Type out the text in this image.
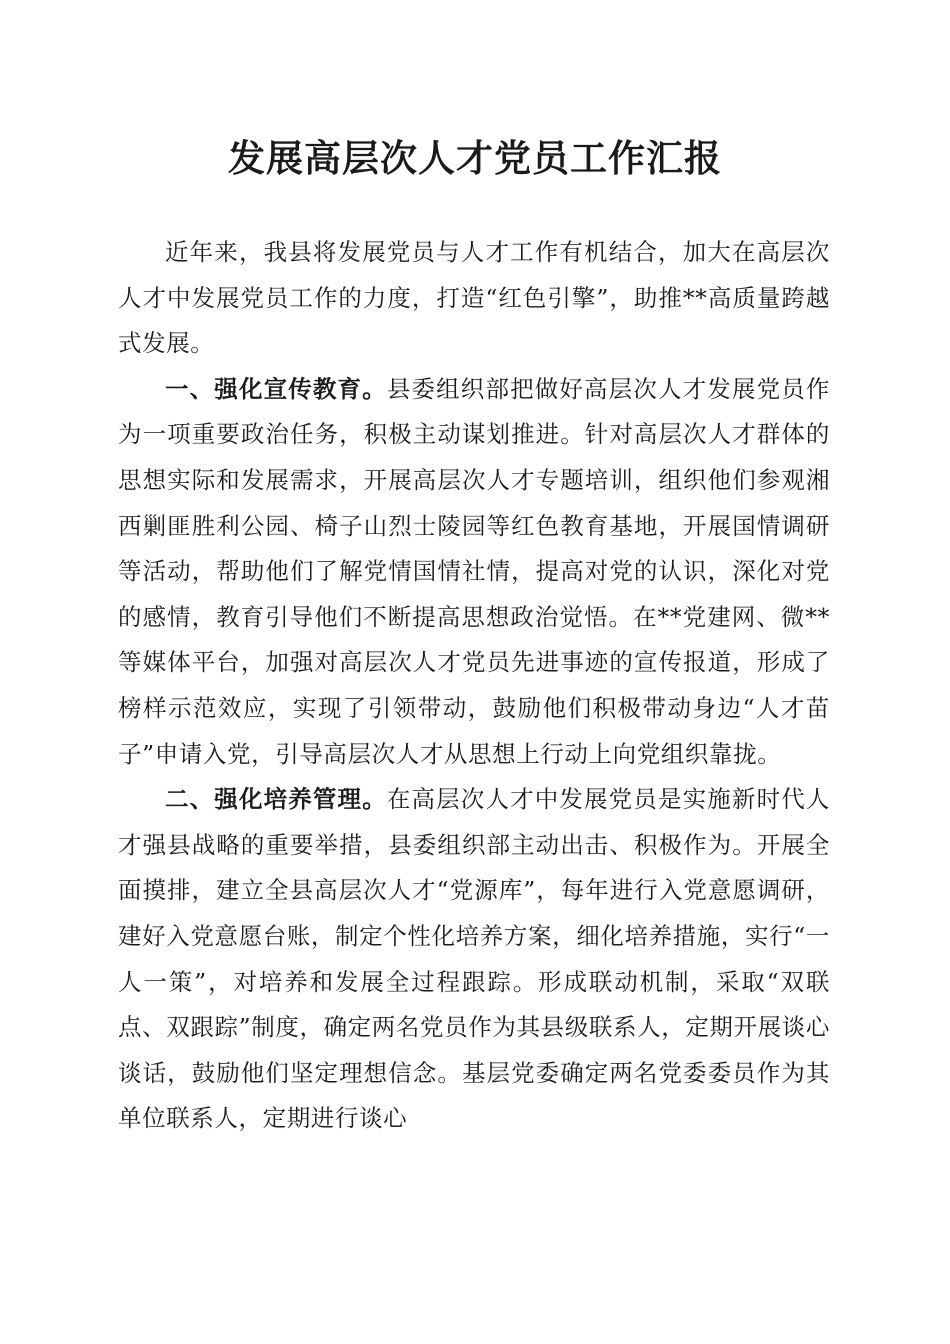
发展高层次人才党员工作汇报

近年来，我县将发展党员与人才工作有机结合，加大在高层次人才中发展党员工作的力度，打造“红色引擎”，助推**高质量跨越式发展。

一、强化宣传教育。县委组织部把做好高层次人才发展党员作为一项重要政治任务，积极主动谋划推进。针对高层次人才群体的思想实际和发展需求，开展高层次人才专题培训，组织他们参观湘西剿匪胜利公园、椅子山烈士陵园等红色教育基地，开展国情调研等活动，帮助他们了解党情国情社情，提高对党的认识，深化对党的感情，教育引导他们不断提高思想政治觉悟。在**党建网、微**等媒体平台，加强对高层次人才党员先进事迹的宣传报道，形成了榜样示范效应，实现了引领带动，鼓励他们积极带动身边“人才苗子”申请入党，引导高层次人才从思想上行动上向党组织靠拢。

二、强化培养管理。在高层次人才中发展党员是实施新时代人才强县战略的重要举措，县委组织部主动出击、积极作为。开展全面摸排，建立全县高层次人才“党源库”，每年进行入党意愿调研，建好入党意愿台账，制定个性化培养方案，细化培养措施，实行“一人一策”，对培养和发展全过程跟踪。形成联动机制，采取“双联点、双跟踪”制度，确定两名党员作为其县级联系人，定期开展谈心谈话，鼓励他们坚定理想信念。基层党委确定两名党委委员作为其单位联系人，定期进行谈心
